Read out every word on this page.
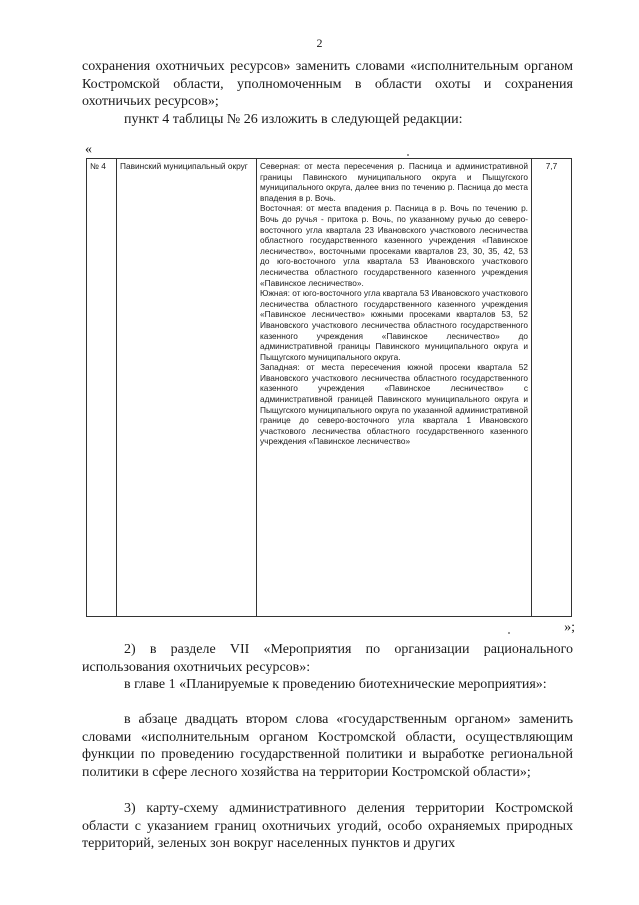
2

сохранения охотничьих ресурсов» заменить словами «исполнительным органом Костромской области, уполномоченным в области охоты и сохранения охотничьих ресурсов»;

пункт 4 таблицы № 26 изложить в следующей редакции:

«
№ 4	Павинский муниципальный округ	Северная: от места пересечения р. Пасница и административной границы Павинского муниципального округа и Пыщугского муниципального округа, далее вниз по течению р. Пасница до места впадения в р. Вочь.

Восточная: от места впадения р. Пасница в р. Вочь по течению р. Вочь до ручья - притока р. Вочь, по указанному ручью до северо-восточного угла квартала 23 Ивановского участкового лесничества областного государственного казенного учреждения «Павинское лесничество», восточными просеками кварталов 23, 30, 35, 42, 53 до юго-восточного угла квартала 53 Ивановского участкового лесничества областного государственного казенного учреждения «Павинское лесничество».

Южная: от юго-восточного угла квартала 53 Ивановского участкового лесничества областного государственного казенного учреждения «Павинское лесничество» южными просеками кварталов 53, 52 Ивановского участкового лесничества областного государственного казенного учреждения «Павинское лесничество» до административной границы Павинского муниципального округа и Пыщугского муниципального округа.

Западная: от места пересечения южной просеки квартала 52 Ивановского участкового лесничества областного государственного казенного учреждения «Павинское лесничество» с административной границей Павинского муниципального округа и Пыщугского муниципального округа по указанной административной границе до северо-восточного угла квартала 1 Ивановского участкового лесничества областного государственного казенного учреждения «Павинское лесничество»

	7,7
»;

2) в разделе VII «Мероприятия по организации рационального использования охотничьих ресурсов»:

в главе 1 «Планируемые к проведению биотехнические мероприятия»:

в абзаце двадцать втором слова «государственным органом» заменить словами «исполнительным органом Костромской области, осуществляющим функции по проведению государственной политики и выработке региональной политики в сфере лесного хозяйства на территории Костромской области»;

3) карту-схему административного деления территории Костромской области с указанием границ охотничьих угодий, особо охраняемых природных территорий, зеленых зон вокруг населенных пунктов и других
